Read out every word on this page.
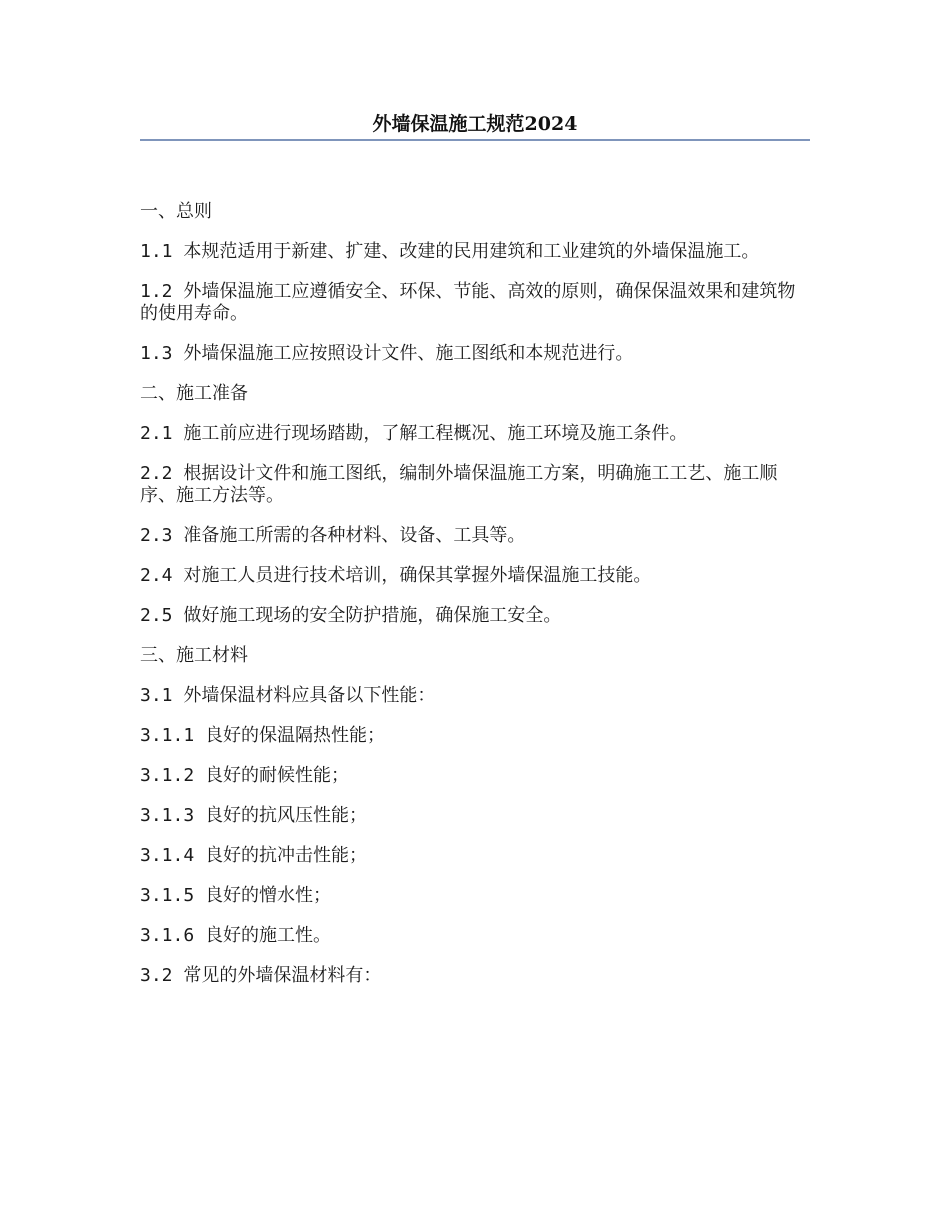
外墙保温施工规范2024

一、总则

1.1 本规范适用于新建、扩建、改建的民用建筑和工业建筑的外墙保温施工。

1.2 外墙保温施工应遵循安全、环保、节能、高效的原则，确保保温效果和建筑物的使用寿命。

1.3 外墙保温施工应按照设计文件、施工图纸和本规范进行。

二、施工准备

2.1 施工前应进行现场踏勘，了解工程概况、施工环境及施工条件。

2.2 根据设计文件和施工图纸，编制外墙保温施工方案，明确施工工艺、施工顺序、施工方法等。

2.3 准备施工所需的各种材料、设备、工具等。

2.4 对施工人员进行技术培训，确保其掌握外墙保温施工技能。

2.5 做好施工现场的安全防护措施，确保施工安全。

三、施工材料

3.1 外墙保温材料应具备以下性能：

3.1.1 良好的保温隔热性能；

3.1.2 良好的耐候性能；

3.1.3 良好的抗风压性能；

3.1.4 良好的抗冲击性能；

3.1.5 良好的憎水性；

3.1.6 良好的施工性。

3.2 常见的外墙保温材料有：
